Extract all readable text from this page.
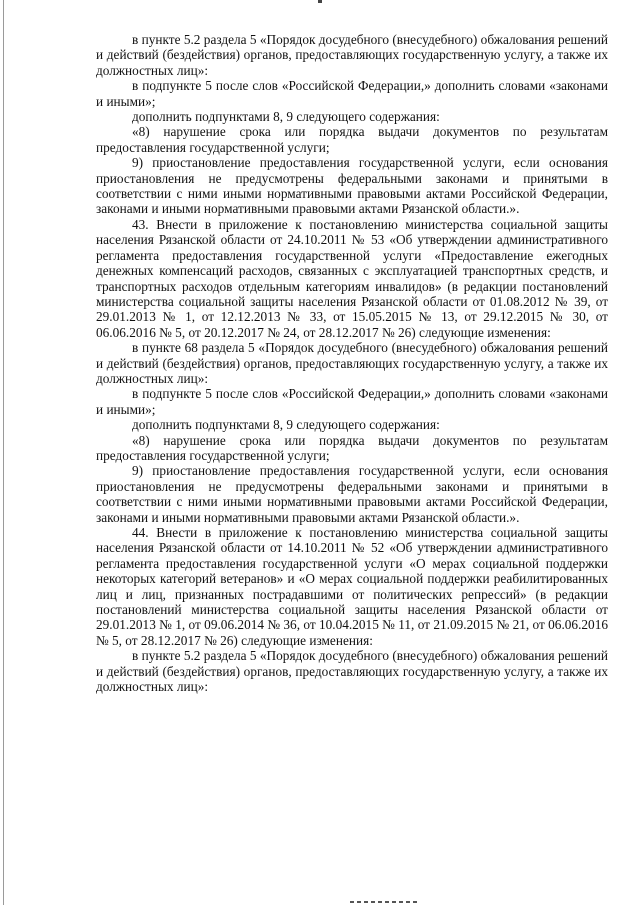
в пункте 5.2 раздела 5 «Порядок досудебного (внесудебного) обжалования решений и действий (бездействия) органов, предоставляющих государственную услугу, а также их должностных лиц»:

в подпункте 5 после слов «Российской Федерации,» дополнить словами «законами и иными»;

дополнить подпунктами 8, 9 следующего содержания:

«8) нарушение срока или порядка выдачи документов по результатам предоставления государственной услуги;

9) приостановление предоставления государственной услуги, если основания приостановления не предусмотрены федеральными законами и принятыми в соответствии с ними иными нормативными правовыми актами Российской Федерации, законами и иными нормативными правовыми актами Рязанской области.».

43. Внести в приложение к постановлению министерства социальной защиты населения Рязанской области от 24.10.2011 № 53 «Об утверждении административного регламента предоставления государственной услуги «Предоставление ежегодных денежных компенсаций расходов, связанных с эксплуатацией транспортных средств, и транспортных расходов отдельным категориям инвалидов» (в редакции постановлений министерства социальной защиты населения Рязанской области от 01.08.2012 № 39, от 29.01.2013 № 1, от 12.12.2013 № 33, от 15.05.2015 № 13, от 29.12.2015 № 30, от 06.06.2016 № 5, от 20.12.2017 № 24, от 28.12.2017 № 26) следующие изменения:

в пункте 68 раздела 5 «Порядок досудебного (внесудебного) обжалования решений и действий (бездействия) органов, предоставляющих государственную услугу, а также их должностных лиц»:

в подпункте 5 после слов «Российской Федерации,» дополнить словами «законами и иными»;

дополнить подпунктами 8, 9 следующего содержания:

«8) нарушение срока или порядка выдачи документов по результатам предоставления государственной услуги;

9) приостановление предоставления государственной услуги, если основания приостановления не предусмотрены федеральными законами и принятыми в соответствии с ними иными нормативными правовыми актами Российской Федерации, законами и иными нормативными правовыми актами Рязанской области.».

44. Внести в приложение к постановлению министерства социальной защиты населения Рязанской области от 14.10.2011 № 52 «Об утверждении административного регламента предоставления государственной услуги «О мерах социальной поддержки некоторых категорий ветеранов» и «О мерах социальной поддержки реабилитированных лиц и лиц, признанных пострадавшими от политических репрессий» (в редакции постановлений министерства социальной защиты населения Рязанской области от 29.01.2013 № 1, от 09.06.2014 № 36, от 10.04.2015 № 11, от 21.09.2015 № 21, от 06.06.2016 № 5, от 28.12.2017 № 26) следующие изменения:

в пункте 5.2 раздела 5 «Порядок досудебного (внесудебного) обжалования решений и действий (бездействия) органов, предоставляющих государственную услугу, а также их должностных лиц»:
